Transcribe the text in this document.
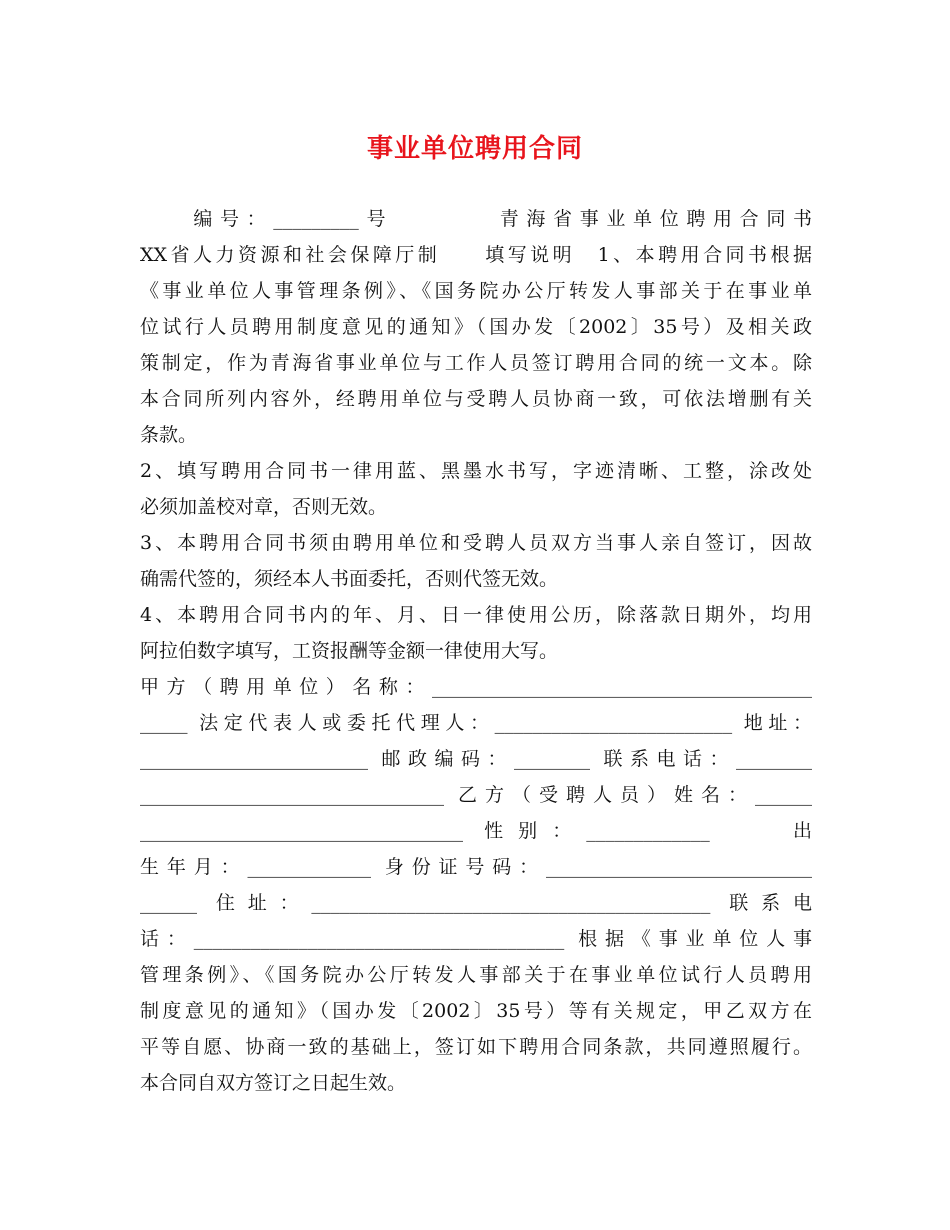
事业单位聘用合同
　　编号：_________号　　　　青海省事业单位聘用合同书
XX省人力资源和社会保障厅制　　填写说明　1、本聘用合同书根据
《事业单位人事管理条例》、《国务院办公厅转发人事部关于在事业单
位试行人员聘用制度意见的通知》（国办发〔2002〕35号）及相关政
策制定，作为青海省事业单位与工作人员签订聘用合同的统一文本。除
本合同所列内容外，经聘用单位与受聘人员协商一致，可依法增删有关
条款。
2、填写聘用合同书一律用蓝、黑墨水书写，字迹清晰、工整，涂改处
必须加盖校对章，否则无效。
3、本聘用合同书须由聘用单位和受聘人员双方当事人亲自签订，因故
确需代签的，须经本人书面委托，否则代签无效。
4、本聘用合同书内的年、月、日一律使用公历，除落款日期外，均用
阿拉伯数字填写，工资报酬等金额一律使用大写。
甲方（聘用单位）名称：________________________________________
_____ 法定代表人或委托代理人：_________________________ 地址：
________________________ 邮政编码：________ 联系电话：________
________________________________ 乙方（受聘人员）姓名：______
__________________________________ 性别：_____________　　出
生年月：_____________ 身份证号码：____________________________
______ 住址：__________________________________________ 联系电
话：_______________________________________ 根据《事业单位人事
管理条例》、《国务院办公厅转发人事部关于在事业单位试行人员聘用
制度意见的通知》（国办发〔2002〕35号）等有关规定，甲乙双方在
平等自愿、协商一致的基础上，签订如下聘用合同条款，共同遵照履行。
本合同自双方签订之日起生效。
